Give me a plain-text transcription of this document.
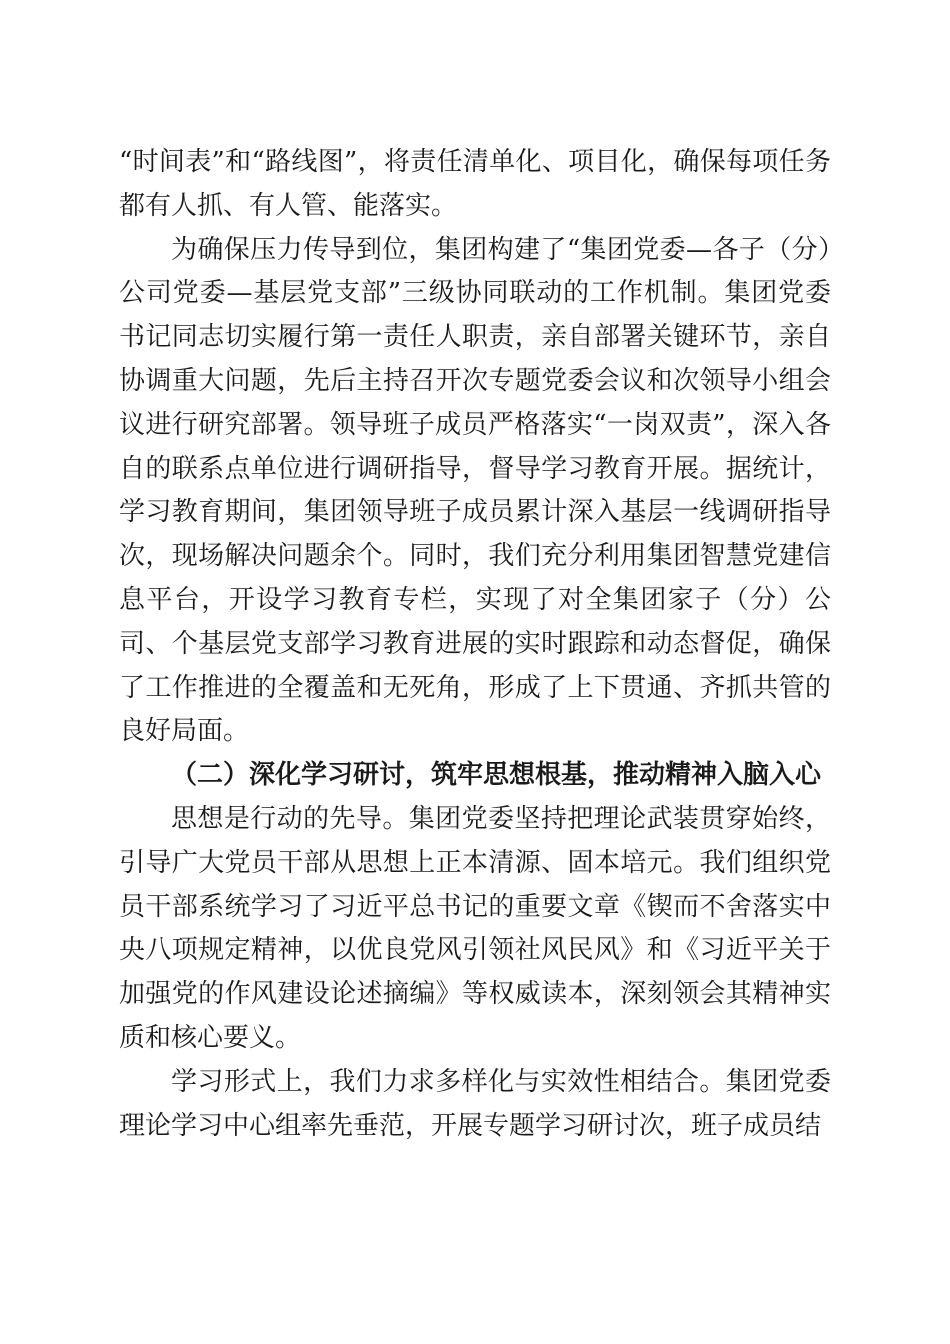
“时间表”和“路线图”，将责任清单化、项目化，确保每项任务都有人抓、有人管、能落实。

为确保压力传导到位，集团构建了“集团党委—各子（分）公司党委—基层党支部”三级协同联动的工作机制。集团党委书记同志切实履行第一责任人职责，亲自部署关键环节，亲自协调重大问题，先后主持召开次专题党委会议和次领导小组会议进行研究部署。领导班子成员严格落实“一岗双责”，深入各自的联系点单位进行调研指导，督导学习教育开展。据统计，学习教育期间，集团领导班子成员累计深入基层一线调研指导次，现场解决问题余个。同时，我们充分利用集团智慧党建信息平台，开设学习教育专栏，实现了对全集团家子（分）公司、个基层党支部学习教育进展的实时跟踪和动态督促，确保了工作推进的全覆盖和无死角，形成了上下贯通、齐抓共管的良好局面。

（二）深化学习研讨，筑牢思想根基，推动精神入脑入心

思想是行动的先导。集团党委坚持把理论武装贯穿始终，引导广大党员干部从思想上正本清源、固本培元。我们组织党员干部系统学习了习近平总书记的重要文章《锲而不舍落实中央八项规定精神，以优良党风引领社风民风》和《习近平关于加强党的作风建设论述摘编》等权威读本，深刻领会其精神实质和核心要义。

学习形式上，我们力求多样化与实效性相结合。集团党委理论学习中心组率先垂范，开展专题学习研讨次，班子成员结
